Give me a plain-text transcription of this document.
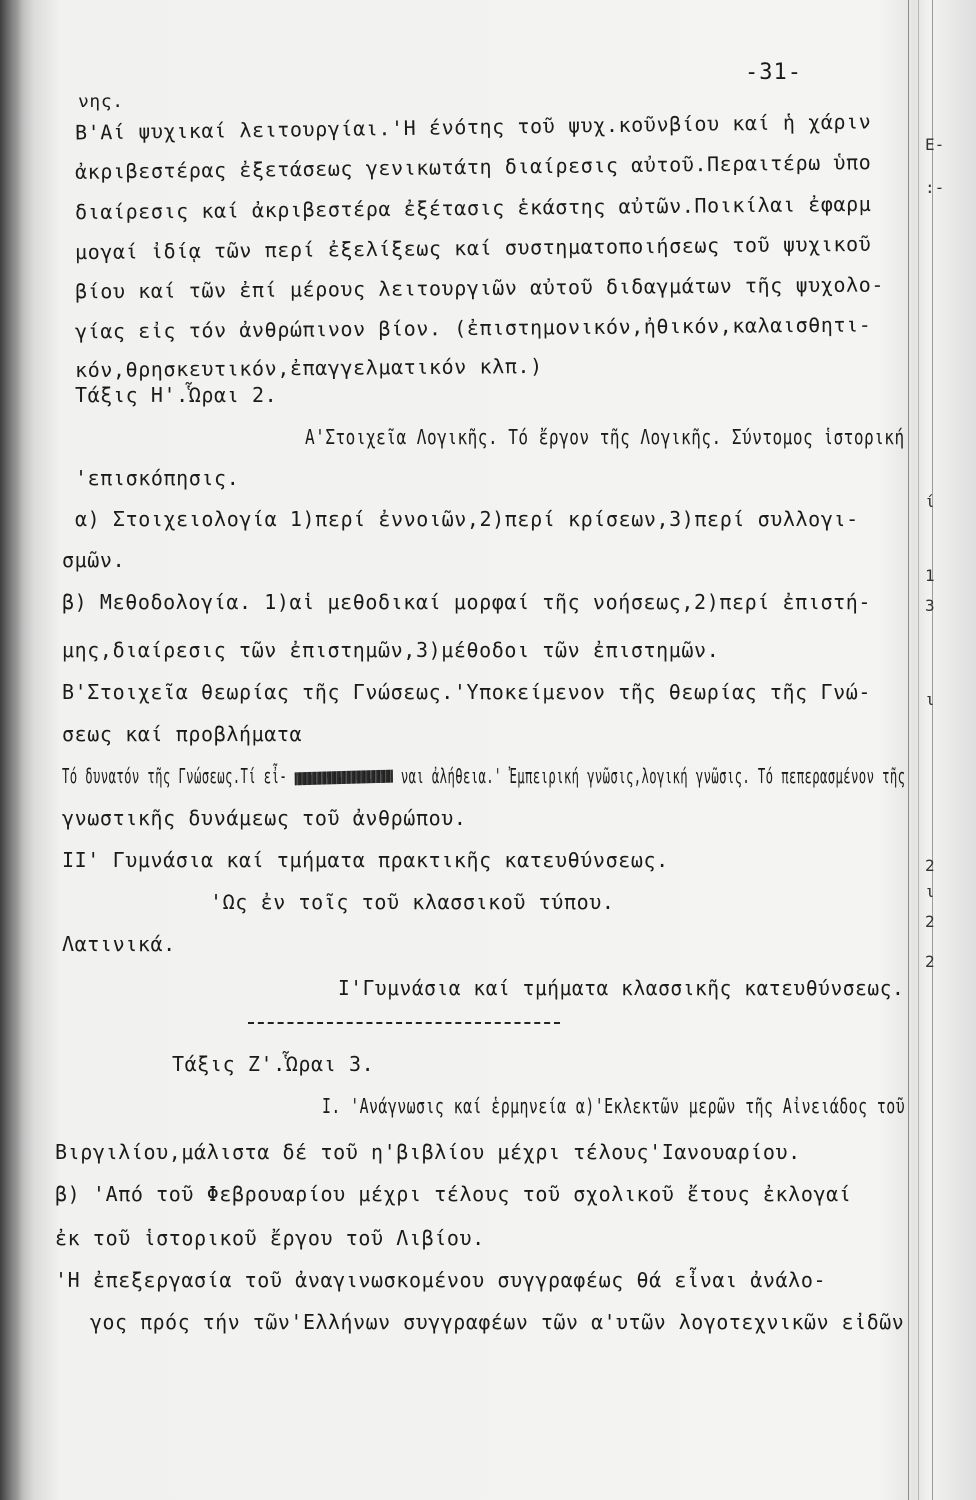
-31-
νης.
Β'Αί ψυχικαί λειτουργίαι.'Η ένότης τοῦ ψυχ.κοῦνβίου καί ἡ χάριν
ἀκριβεστέρας ἐξετάσεως γενικωτάτη διαίρεσις αὐτοῦ.Περαιτέρω ὑπο
διαίρεσις καί ἀκριβεστέρα ἐξέτασις ἑκάστης αὐτῶν.Ποικίλαι ἐφαρμ
μογαί ἰδίᾳ τῶν περί ἐξελίξεως καί συστηματοποιήσεως τοῦ ψυχικοῦ
βίου καί τῶν ἐπί μέρους λειτουργιῶν αὐτοῦ διδαγμάτων τῆς ψυχολο-
γίας εἰς τόν ἀνθρώπινον βίον. (ἐπιστημονικόν,ἠθικόν,καλαισθητι-
κόν,θρησκευτικόν,ἐπαγγελματικόν κλπ.)
Τάξις Η'.Ὧραι 2.
Α'Στοιχεῖα Λογικῆς. Τό ἔργον τῆς Λογικῆς. Σύντομος ἱστορική
'επισκόπησις.
α) Στοιχειολογία 1)περί ἐννοιῶν,2)περί κρίσεων,3)περί συλλογι-
σμῶν.
β) Μεθοδολογία. 1)αἱ μεθοδικαί μορφαί τῆς νοήσεως,2)περί ἐπιστή-
μης,διαίρεσις τῶν ἐπιστημῶν,3)μέθοδοι τῶν ἐπιστημῶν.
Β'Στοιχεῖα θεωρίας τῆς Γνώσεως.'Υποκείμενον τῆς θεωρίας τῆς Γνώ-
σεως καί προβλήματα
Τό δυνατόν τῆς Γνώσεως.Τί εἶ-	ναι ἀλήθεια.' Ἐμπειρική γνῶσις,λογική γνῶσις. Τό πεπερασμένον τῆς
γνωστικῆς δυνάμεως τοῦ ἀνθρώπου.
ΙΙ' Γυμνάσια καί τμήματα πρακτικῆς κατευθύνσεως.
'Ως ἐν τοῖς τοῦ κλασσικοῦ τύπου.
Λατινικά.
Ι'Γυμνάσια καί τμήματα κλασσικῆς κατευθύνσεως.
Τάξις Ζ'.Ὧραι 3.
Ι. 'Ανάγνωσις καί ἑρμηνεία α)'Εκλεκτῶν μερῶν τῆς Αἰνειάδος τοῦ
Βιργιλίου,μάλιστα δέ τοῦ η'βιβλίου μέχρι τέλους'Ιανουαρίου.
β) 'Από τοῦ Φεβρουαρίου μέχρι τέλους τοῦ σχολικοῦ ἔτους ἐκλογαί
ἐκ τοῦ ἱστορικοῦ ἔργου τοῦ Λιβίου.
'Η ἐπεξεργασία τοῦ ἀναγινωσκομένου συγγραφέως θά εἶναι ἀνάλο-
γος πρός τήν τῶν'Ελλήνων συγγραφέων τῶν α'υτῶν λογοτεχνικῶν εἰδῶν
Ε-
:-
ί
1
3
ι
2
ι
2
2
